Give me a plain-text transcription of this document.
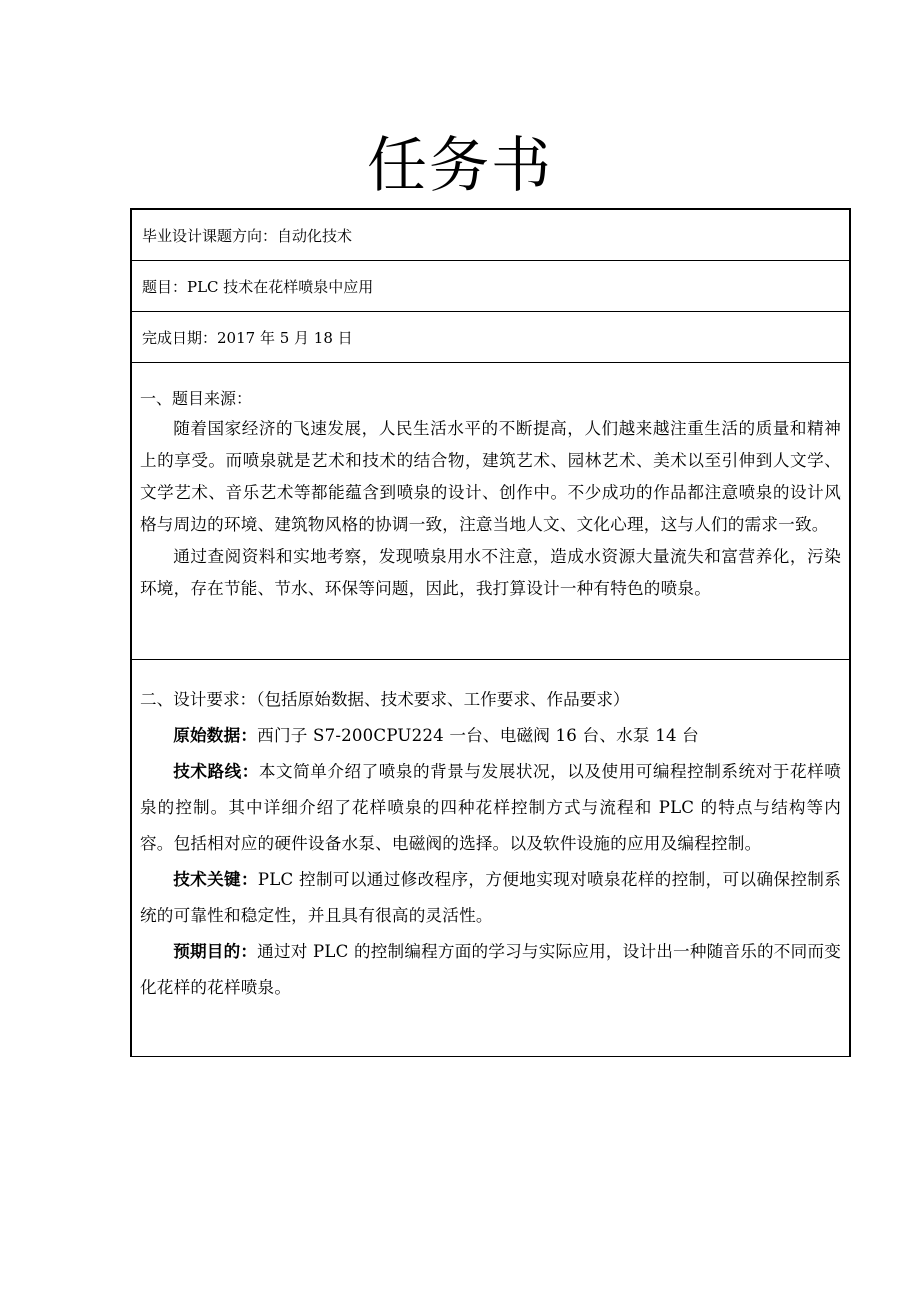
任务书
毕业设计课题方向：自动化技术
题目：PLC 技术在花样喷泉中应用
完成日期：2017 年 5 月 18 日
一、题目来源：
随着国家经济的飞速发展，人民生活水平的不断提高，人们越来越注重生活的质量和精神上的享受。而喷泉就是艺术和技术的结合物，建筑艺术、园林艺术、美术以至引伸到人文学、文学艺术、音乐艺术等都能蕴含到喷泉的设计、创作中。不少成功的作品都注意喷泉的设计风格与周边的环境、建筑物风格的协调一致，注意当地人文、文化心理，这与人们的需求一致。
通过查阅资料和实地考察，发现喷泉用水不注意，造成水资源大量流失和富营养化，污染环境，存在节能、节水、环保等问题，因此，我打算设计一种有特色的喷泉。
二、设计要求：（包括原始数据、技术要求、工作要求、作品要求）
原始数据：西门子 S7-200CPU224 一台、电磁阀 16 台、水泵 14 台
技术路线：本文简单介绍了喷泉的背景与发展状况，以及使用可编程控制系统对于花样喷泉的控制。其中详细介绍了花样喷泉的四种花样控制方式与流程和 PLC 的特点与结构等内容。包括相对应的硬件设备水泵、电磁阀的选择。以及软件设施的应用及编程控制。
技术关键：PLC 控制可以通过修改程序，方便地实现对喷泉花样的控制，可以确保控制系统的可靠性和稳定性，并且具有很高的灵活性。
预期目的：通过对 PLC 的控制编程方面的学习与实际应用，设计出一种随音乐的不同而变化花样的花样喷泉。
